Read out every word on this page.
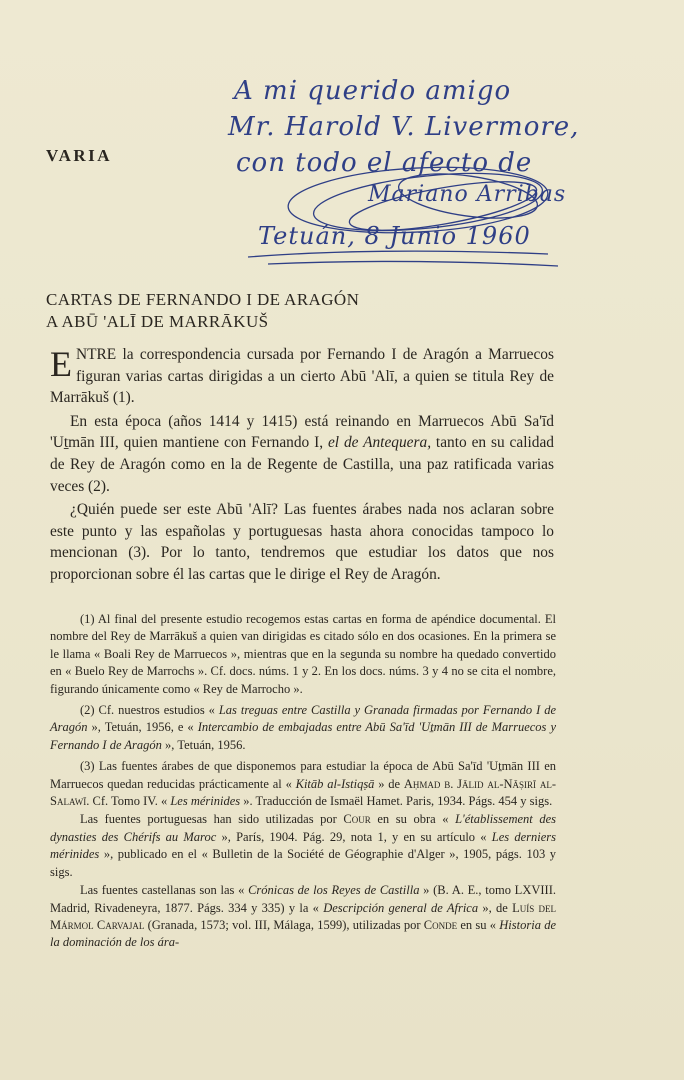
VARIA
A mi querido amigo
Mr. Harold V. Livermore,
con todo el afecto de
Mariano Arribas
Tetuán, 8 Junio 1960
CARTAS DE FERNANDO I DE ARAGÓN
A ABŪ 'ALĪ DE MARRĀKUŠ

ENTRE la correspondencia cursada por Fernando I de Aragón a Marruecos figuran varias cartas dirigidas a un cierto Abū 'Alī, a quien se titula Rey de Marrākuš (1).

En esta época (años 1414 y 1415) está reinando en Marruecos Abū Sa'īd 'Uṯmān III, quien mantiene con Fernando I, el de Antequera, tanto en su calidad de Rey de Aragón como en la de Regente de Castilla, una paz ratificada varias veces (2).

¿Quién puede ser este Abū 'Alī? Las fuentes árabes nada nos aclaran sobre este punto y las españolas y portuguesas hasta ahora conocidas tampoco lo mencionan (3). Por lo tanto, tendremos que estudiar los datos que nos proporcionan sobre él las cartas que le dirige el Rey de Aragón.

(1) Al final del presente estudio recogemos estas cartas en forma de apéndice documental. El nombre del Rey de Marrākuš a quien van dirigidas es citado sólo en dos ocasiones. En la primera se le llama « Boali Rey de Marruecos », mientras que en la segunda su nombre ha quedado convertido en « Buelo Rey de Marrochs ». Cf. docs. núms. 1 y 2. En los docs. núms. 3 y 4 no se cita el nombre, figurando únicamente como « Rey de Marrocho ».

(2) Cf. nuestros estudios « Las treguas entre Castilla y Granada firmadas por Fernando I de Aragón », Tetuán, 1956, e « Intercambio de embajadas entre Abū Sa'īd 'Uṯmān III de Marruecos y Fernando I de Aragón », Tetuán, 1956.

(3) Las fuentes árabes de que disponemos para estudiar la época de Abū Sa'īd 'Uṯmān III en Marruecos quedan reducidas prácticamente al « Kitāb al-Istiqṣā » de Aḥmad b. Jālid al-Nāṣirī al-Salawī. Cf. Tomo IV. « Les mérinides ». Traducción de Ismaël Hamet. Paris, 1934. Págs. 454 y sigs.

Las fuentes portuguesas han sido utilizadas por Cour en su obra « L'établissement des dynasties des Chérifs au Maroc », París, 1904. Pág. 29, nota 1, y en su artículo « Les derniers mérinides », publicado en el « Bulletin de la Société de Géographie d'Alger », 1905, págs. 103 y sigs.

Las fuentes castellanas son las « Crónicas de los Reyes de Castilla » (B. A. E., tomo LXVIII. Madrid, Rivadeneyra, 1877. Págs. 334 y 335) y la « Descripción general de Africa », de Luís del Mármol Carvajal (Granada, 1573; vol. III, Málaga, 1599), utilizadas por Conde en su « Historia de la dominación de los ára-
